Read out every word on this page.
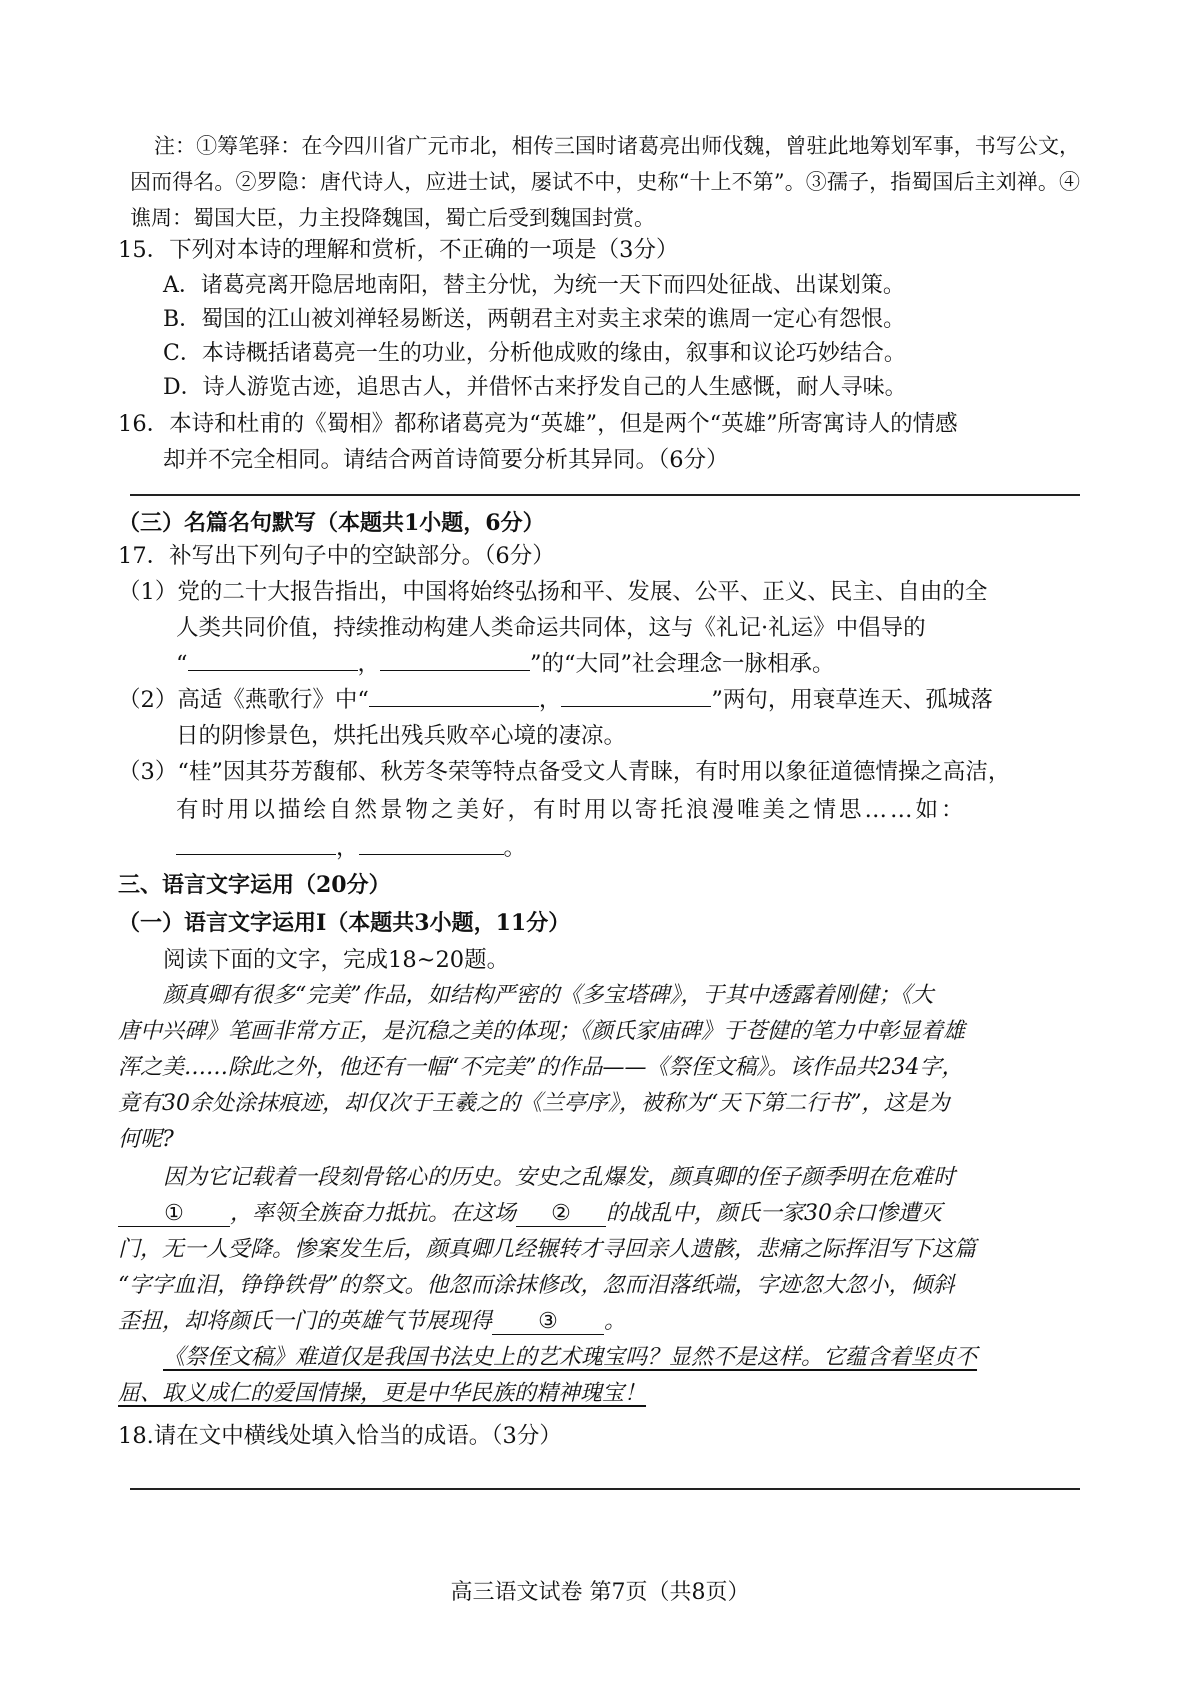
注：①筹笔驿：在今四川省广元市北，相传三国时诸葛亮出师伐魏，曾驻此地筹划军事，书写公文，因而得名。②罗隐：唐代诗人，应进士试，屡试不中，史称“十上不第”。③孺子，指蜀国后主刘禅。④谯周：蜀国大臣，力主投降魏国，蜀亡后受到魏国封赏。
15．下列对本诗的理解和赏析，不正确的一项是（3分）
A．诸葛亮离开隐居地南阳，替主分忧，为统一天下而四处征战、出谋划策。
B．蜀国的江山被刘禅轻易断送，两朝君主对卖主求荣的谯周一定心有怨恨。
C．本诗概括诸葛亮一生的功业，分析他成败的缘由，叙事和议论巧妙结合。
D．诗人游览古迹，追思古人，并借怀古来抒发自己的人生感慨，耐人寻味。
16．本诗和杜甫的《蜀相》都称诸葛亮为“英雄”，但是两个“英雄”所寄寓诗人的情感
却并不完全相同。请结合两首诗简要分析其异同。（6分）
（三）名篇名句默写（本题共1小题，6分）
17．补写出下列句子中的空缺部分。（6分）
（1）党的二十大报告指出，中国将始终弘扬和平、发展、公平、正义、民主、自由的全
人类共同价值，持续推动构建人类命运共同体，这与《礼记·礼运》中倡导的
“	，	”的“大同”社会理念一脉相承。
（2）高适《燕歌行》中“	，	”两句，用衰草连天、孤城落
日的阴惨景色，烘托出残兵败卒心境的凄凉。
（3）“桂”因其芬芳馥郁、秋芳冬荣等特点备受文人青睐，有时用以象征道德情操之高洁，
有时用以描绘自然景物之美好，有时用以寄托浪漫唯美之情思……如：
，	。
三、语言文字运用（20分）
（一）语言文字运用Ⅰ（本题共3小题，11分）
阅读下面的文字，完成18~20题。
颜真卿有很多“完美”作品，如结构严密的《多宝塔碑》，于其中透露着刚健；《大
唐中兴碑》笔画非常方正，是沉稳之美的体现；《颜氏家庙碑》于苍健的笔力中彰显着雄
浑之美……除此之外，他还有一幅“不完美”的作品——《祭侄文稿》。该作品共234字，
竟有30余处涂抹痕迹，却仅次于王羲之的《兰亭序》，被称为“天下第二行书”，这是为
何呢?
因为它记载着一段刻骨铭心的历史。安史之乱爆发，颜真卿的侄子颜季明在危难时
① ，率领全族奋力抵抗。在这场 ② 的战乱中，颜氏一家30余口惨遭灭
门，无一人受降。惨案发生后，颜真卿几经辗转才寻回亲人遗骸，悲痛之际挥泪写下这篇
“字字血泪，铮铮铁骨”的祭文。他忽而涂抹修改，忽而泪落纸端，字迹忽大忽小，倾斜
歪扭，却将颜氏一门的英雄气节展现得 ③ 。
《祭侄文稿》难道仅是我国书法史上的艺术瑰宝吗？显然不是这样。它蕴含着坚贞不
屈、取义成仁的爱国情操，更是中华民族的精神瑰宝！
18.请在文中横线处填入恰当的成语。（3分）
高三语文试卷 第7页（共8页）
